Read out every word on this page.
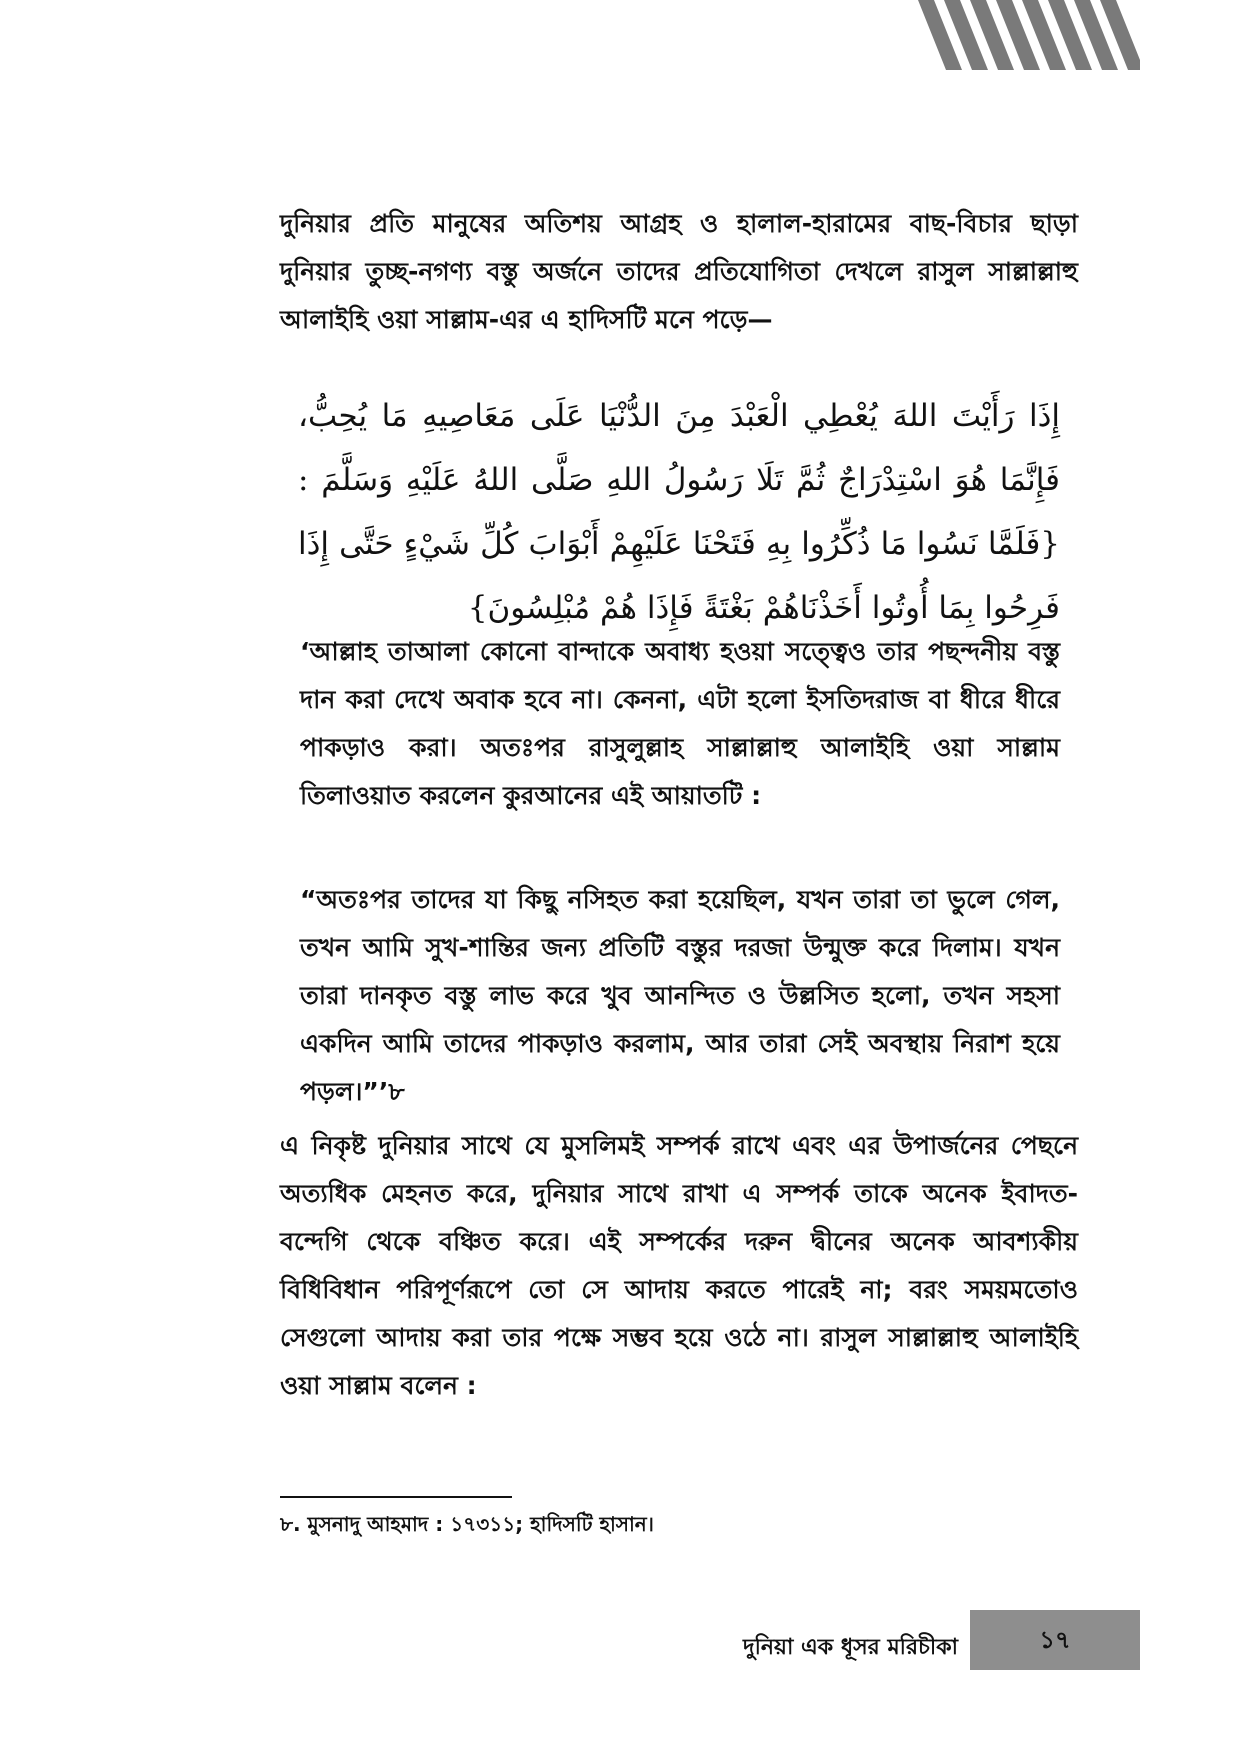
দুনিয়ার প্রতি মানুষের অতিশয় আগ্রহ ও হালাল-হারামের বাছ-বিচার ছাড়া দুনিয়ার তুচ্ছ-নগণ্য বস্তু অর্জনে তাদের প্রতিযোগিতা দেখলে রাসুল সাল্লাল্লাহু আলাইহি ওয়া সাল্লাম-এর এ হাদিসটি মনে পড়ে—

إِذَا رَأَيْتَ اللهَ يُعْطِي الْعَبْدَ مِنَ الدُّنْيَا عَلَى مَعَاصِيهِ مَا يُحِبُّ، فَإِنَّمَا هُوَ اسْتِدْرَاجٌ ثُمَّ تَلَا رَسُولُ اللهِ صَلَّى اللهُ عَلَيْهِ وَسَلَّمَ : {فَلَمَّا نَسُوا مَا ذُكِّرُوا بِهِ فَتَحْنَا عَلَيْهِمْ أَبْوَابَ كُلِّ شَيْءٍ حَتَّى إِذَا فَرِحُوا بِمَا أُوتُوا أَخَذْنَاهُمْ بَغْتَةً فَإِذَا هُمْ مُبْلِسُونَ}

‘আল্লাহ তাআলা কোনো বান্দাকে অবাধ্য হওয়া সত্ত্বেও তার পছন্দনীয় বস্তু দান করা দেখে অবাক হবে না। কেননা, এটা হলো ইসতিদরাজ বা ধীরে ধীরে পাকড়াও করা। অতঃপর রাসুলুল্লাহ সাল্লাল্লাহু আলাইহি ওয়া সাল্লাম তিলাওয়াত করলেন কুরআনের এই আয়াতটি :

“অতঃপর তাদের যা কিছু নসিহত করা হয়েছিল, যখন তারা তা ভুলে গেল, তখন আমি সুখ-শান্তির জন্য প্রতিটি বস্তুর দরজা উন্মুক্ত করে দিলাম। যখন তারা দানকৃত বস্তু লাভ করে খুব আনন্দিত ও উল্লসিত হলো, তখন সহসা একদিন আমি তাদের পাকড়াও করলাম, আর তারা সেই অবস্থায় নিরাশ হয়ে পড়ল।”’৮

এ নিকৃষ্ট দুনিয়ার সাথে যে মুসলিমই সম্পর্ক রাখে এবং এর উপার্জনের পেছনে অত্যধিক মেহনত করে, দুনিয়ার সাথে রাখা এ সম্পর্ক তাকে অনেক ইবাদত-বন্দেগি থেকে বঞ্চিত করে। এই সম্পর্কের দরুন দ্বীনের অনেক আবশ্যকীয় বিধিবিধান পরিপূর্ণরূপে তো সে আদায় করতে পারেই না; বরং সময়মতোও সেগুলো আদায় করা তার পক্ষে সম্ভব হয়ে ওঠে না। রাসুল সাল্লাল্লাহু আলাইহি ওয়া সাল্লাম বলেন :

৮. মুসনাদু আহমাদ : ১৭৩১১; হাদিসটি হাসান।
দুনিয়া এক ধূসর মরিচীকা	১৭
